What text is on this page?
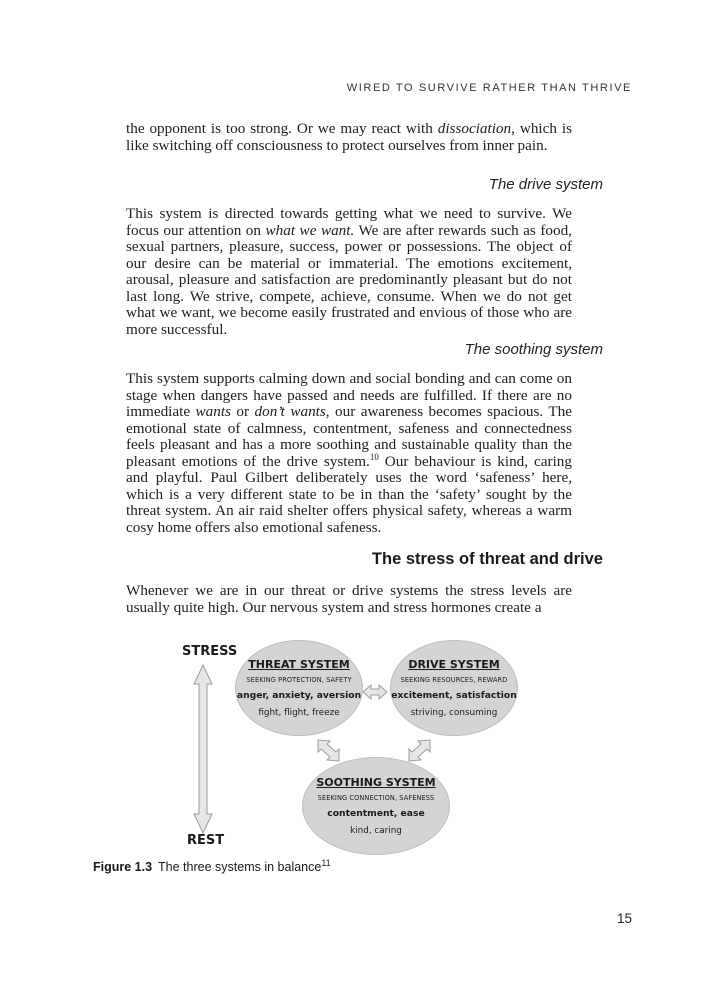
WIRED TO SURVIVE RATHER THAN THRIVE

the opponent is too strong. Or we may react with dissociation, which is like switching off consciousness to protect ourselves from inner pain.

The drive system

This system is directed towards getting what we need to survive. We focus our attention on what we want. We are after rewards such as food, sexual partners, pleasure, success, power or possessions. The object of our desire can be material or immaterial. The emotions excitement, arousal, pleasure and satisfaction are predominantly pleasant but do not last long. We strive, compete, achieve, consume. When we do not get what we want, we become easily frustrated and envious of those who are more successful.

The soothing system

This system supports calming down and social bonding and can come on stage when dangers have passed and needs are fulfilled. If there are no immediate wants or don’t wants, our awareness becomes spacious. The emotional state of calmness, contentment, safeness and connectedness feels pleasant and has a more soothing and sustainable quality than the pleasant emotions of the drive system.$^{10}$ Our behaviour is kind, caring and playful. Paul Gilbert deliberately uses the word ‘safeness’ here, which is a very different state to be in than the ‘safety’ sought by the threat system. An air raid shelter offers physical safety, whereas a warm cosy home offers also emotional safeness.

The stress of threat and drive

Whenever we are in our threat or drive systems the stress levels are usually quite high. Our nervous system and stress hormones create a

STRESS
REST
THREAT SYSTEM
SEEKING PROTECTION, SAFETY
anger, anxiety, aversion
fight, flight, freeze
DRIVE SYSTEM
SEEKING RESOURCES, REWARD
excitement, satisfaction
striving, consuming
SOOTHING SYSTEM
SEEKING CONNECTION, SAFENESS
contentment, ease
kind, caring
Figure 1.3 The three systems in balance$^{11}$
15
